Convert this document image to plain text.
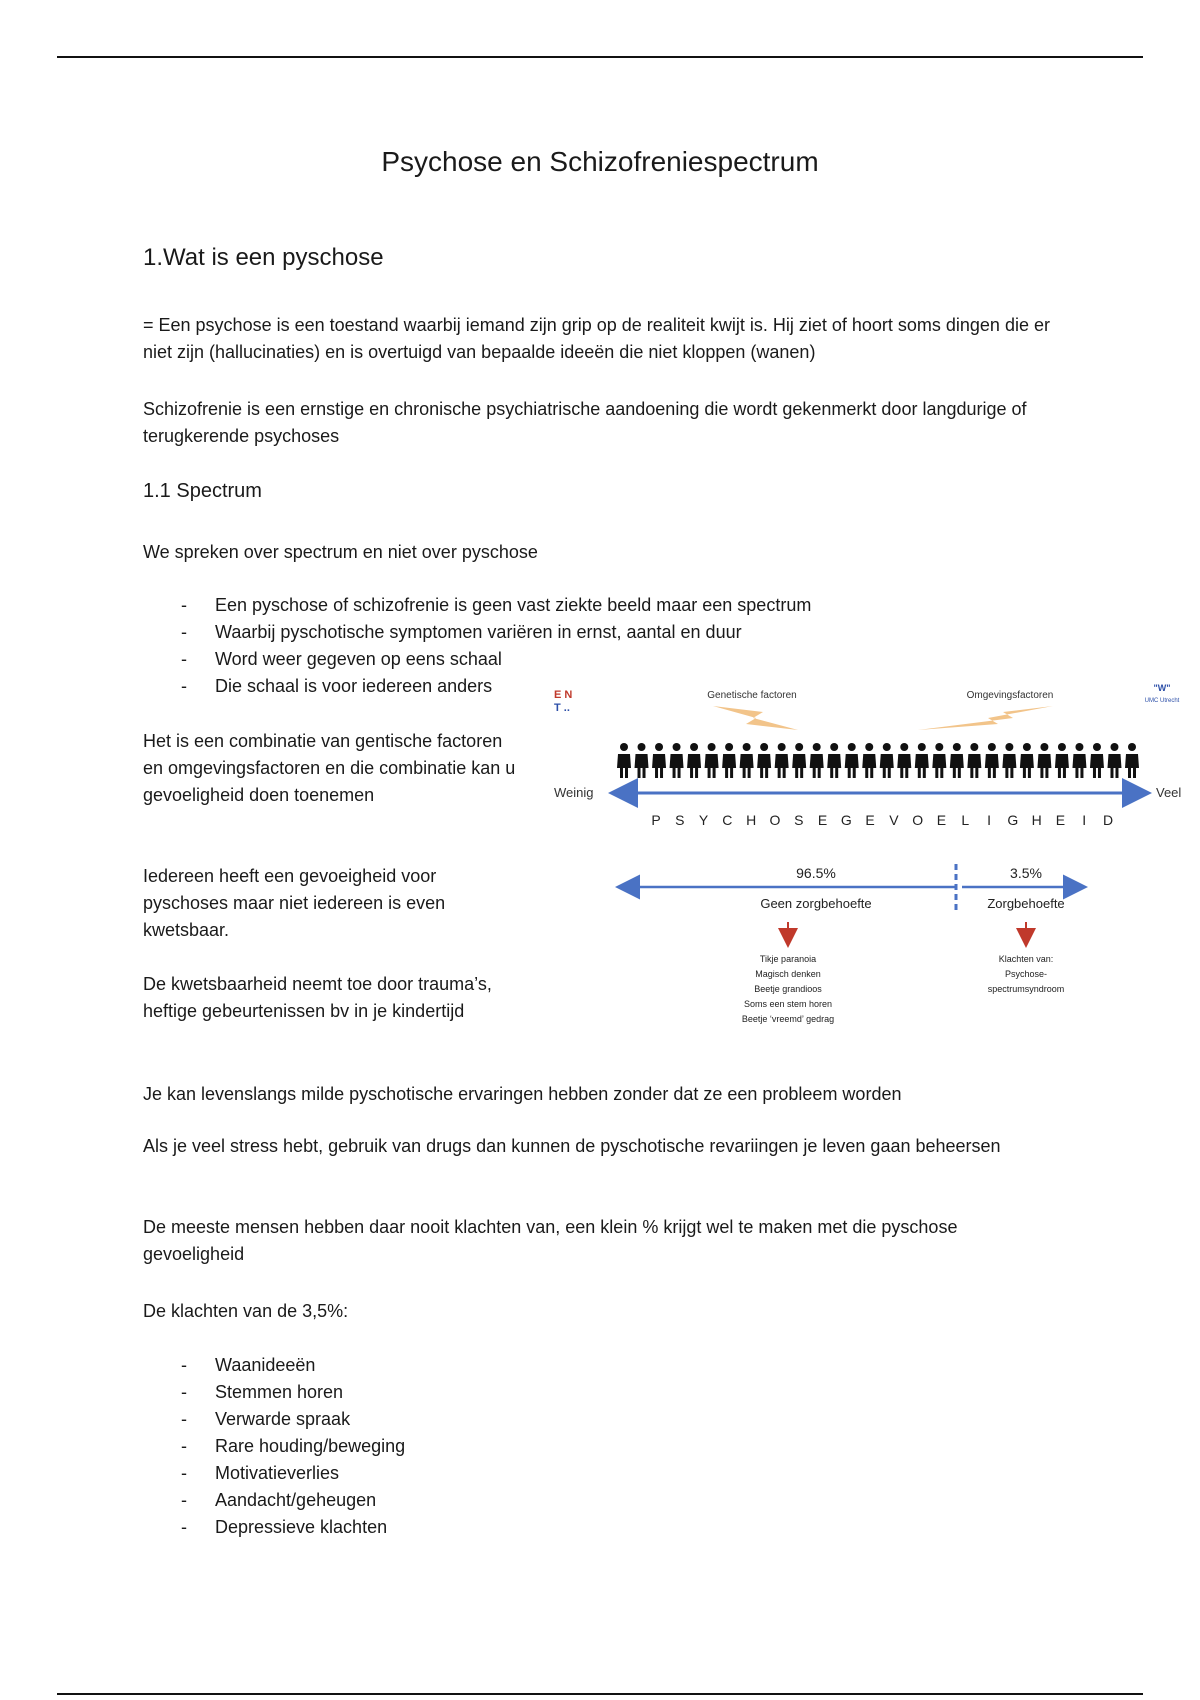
Psychose en Schizofreniespectrum
1.Wat is een pyschose

= Een psychose is een toestand waarbij iemand zijn grip op de realiteit kwijt is. Hij ziet of hoort soms dingen die er niet zijn (hallucinaties) en is overtuigd van bepaalde ideeën die niet kloppen (wanen)

Schizofrenie is een ernstige en chronische psychiatrische aandoening die wordt gekenmerkt door langdurige of terugkerende psychoses

1.1 Spectrum

We spreken over spectrum en niet over pyschose

- Een pyschose of schizofrenie is geen vast ziekte beeld maar een spectrum
- Waarbij pyschotische symptomen variëren in ernst, aantal en duur
- Word weer gegeven op eens schaal
- Die schaal is voor iedereen anders

Het is een combinatie van gentische factoren en omgevingsfactoren en die combinatie kan u gevoeligheid doen toenemen

Iedereen heeft een gevoeigheid voor pyschoses maar niet iedereen is even kwetsbaar.

De kwetsbaarheid neemt toe door trauma’s, heftige gebeurtenissen bv in je kindertijd

Je kan levenslangs milde pyschotische ervaringen hebben zonder dat ze een probleem worden

Als je veel stress hebt, gebruik van drugs dan kunnen de pyschotische revariingen je leven gaan beheersen

De meeste mensen hebben daar nooit klachten van, een klein % krijgt wel te maken met die pyschose gevoeligheid

De klachten van de 3,5%:

- Waanideeën
- Stemmen horen
- Verwarde spraak
- Rare houding/beweging
- Motivatieverlies
- Aandacht/geheugen
- Depressieve klachten
E N
T ..
"W"
UMC Utrecht
Genetische factoren	Omgevingsfactoren
Weinig	Veel
P S Y C H O S E G E V O E L I G H E I D
96.5%	3.5%
Geen zorgbehoefte	Zorgbehoefte
Tikje paranoia
Magisch denken
Beetje grandioos
Soms een stem horen
Beetje ‘vreemd’ gedrag
Klachten van:
Psychose-
spectrumsyndroom
